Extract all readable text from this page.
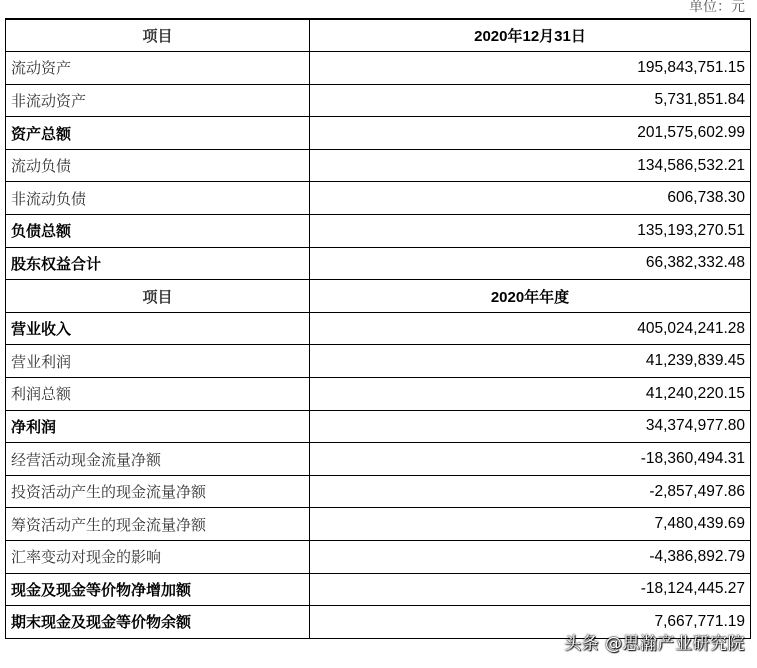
单位：元
项目	2020年12月31日
流动资产	195,843,751.15
非流动资产	5,731,851.84
资产总额	201,575,602.99
流动负债	134,586,532.21
非流动负债	606,738.30
负债总额	135,193,270.51
股东权益合计	66,382,332.48
项目	2020年年度
营业收入	405,024,241.28
营业利润	41,239,839.45
利润总额	41,240,220.15
净利润	34,374,977.80
经营活动现金流量净额	-18,360,494.31
投资活动产生的现金流量净额	-2,857,497.86
筹资活动产生的现金流量净额	7,480,439.69
汇率变动对现金的影响	-4,386,892.79
现金及现金等价物净增加额	-18,124,445.27
期末现金及现金等价物余额	7,667,771.19
头条 @思瀚产业研究院
